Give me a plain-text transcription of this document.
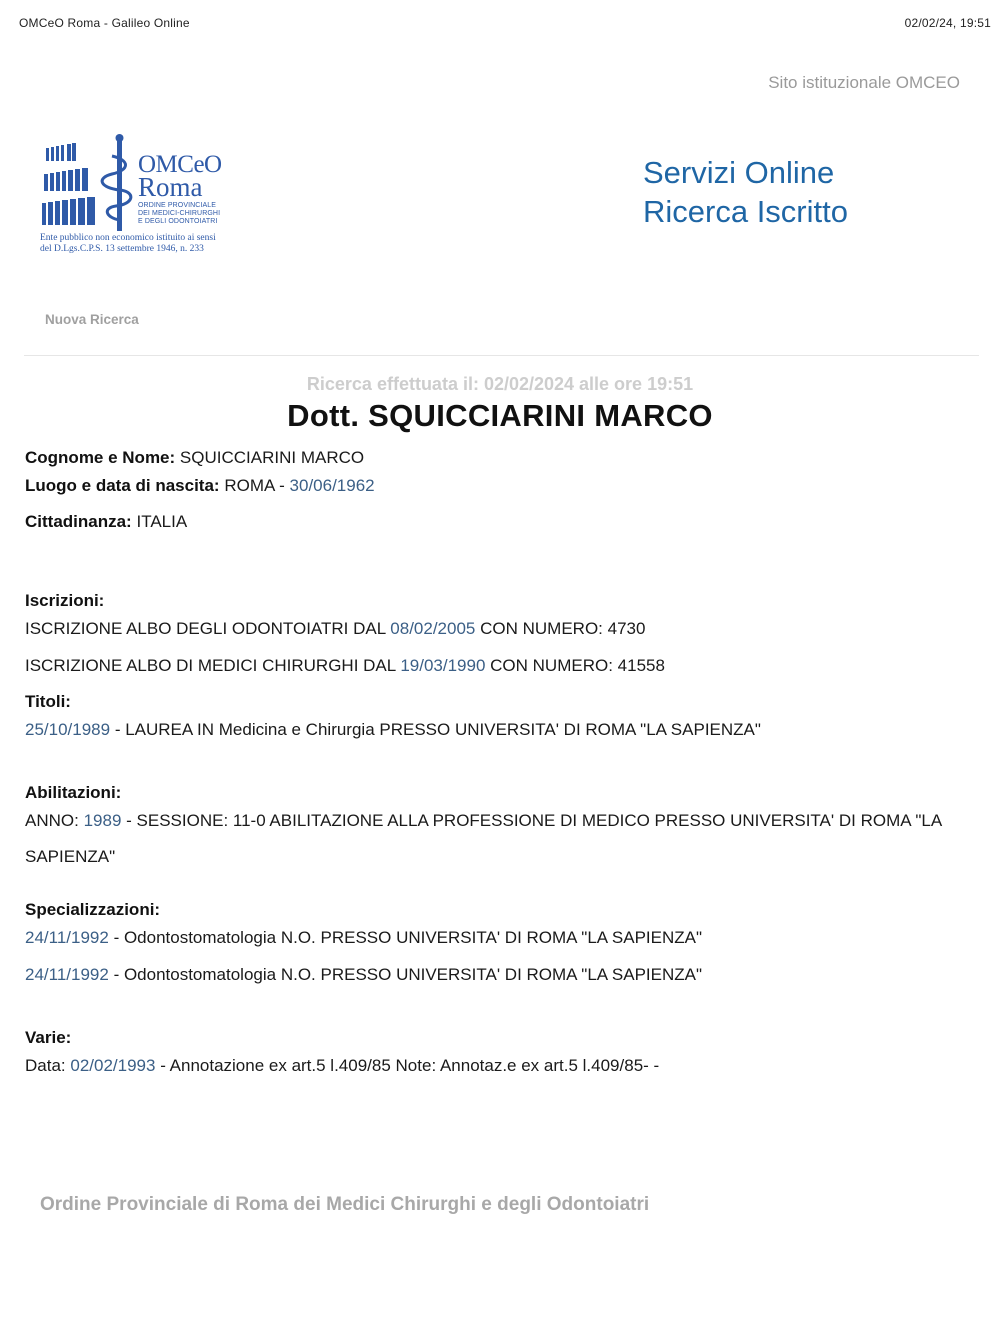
OMCeO Roma - Galileo Online	02/02/24, 19:51
Sito istituzionale OMCEO
OMCeO
Roma
ORDINE PROVINCIALE
DEI MEDICI-CHIRURGHI
E DEGLI ODONTOIATRI
Ente pubblico non economico istituito ai sensi
del D.Lgs.C.P.S. 13 settembre 1946, n. 233
Servizi Online
Ricerca Iscritto
Nuova Ricerca
Ricerca effettuata il: 02/02/2024 alle ore 19:51
Dott. SQUICCIARINI MARCO
Cognome e Nome: SQUICCIARINI MARCO
Luogo e data di nascita: ROMA - 30/06/1962
Cittadinanza: ITALIA
Iscrizioni:
ISCRIZIONE ALBO DEGLI ODONTOIATRI DAL 08/02/2005 CON NUMERO: 4730
ISCRIZIONE ALBO DI MEDICI CHIRURGHI DAL 19/03/1990 CON NUMERO: 41558
Titoli:
25/10/1989 - LAUREA IN Medicina e Chirurgia PRESSO UNIVERSITA' DI ROMA "LA SAPIENZA"
Abilitazioni:
ANNO: 1989 - SESSIONE: 11-0 ABILITAZIONE ALLA PROFESSIONE DI MEDICO PRESSO UNIVERSITA' DI ROMA "LA
SAPIENZA"
Specializzazioni:
24/11/1992 - Odontostomatologia N.O. PRESSO UNIVERSITA' DI ROMA "LA SAPIENZA"
24/11/1992 - Odontostomatologia N.O. PRESSO UNIVERSITA' DI ROMA "LA SAPIENZA"
Varie:
Data: 02/02/1993 - Annotazione ex art.5 l.409/85 Note: Annotaz.e ex art.5 l.409/85- -
Ordine Provinciale di Roma dei Medici Chirurghi e degli Odontoiatri
